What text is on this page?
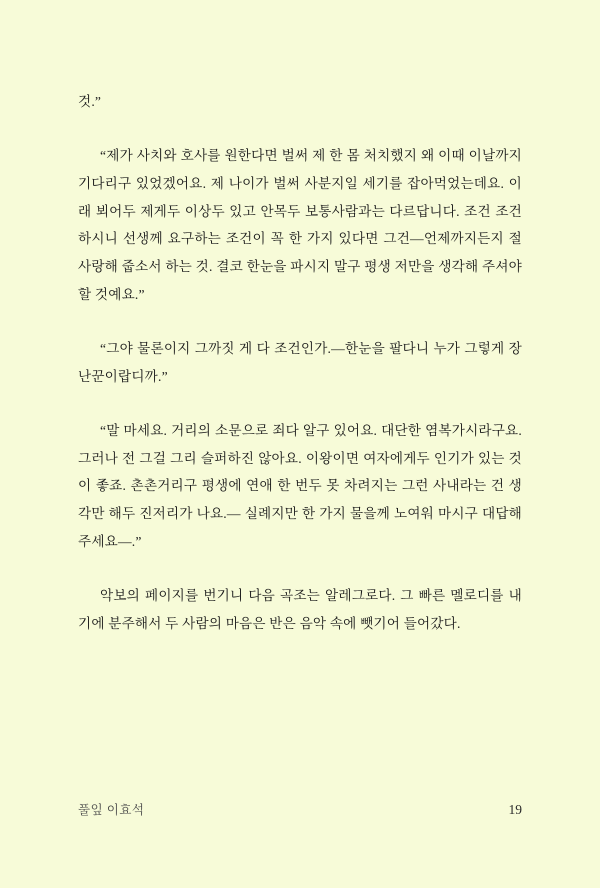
것.”

“제가 사치와 호사를 원한다면 벌써 제 한 몸 처치했지 왜 이때 이날까지 기다리구 있었겠어요. 제 나이가 벌써 사분지일 세기를 잡아먹었는데요. 이래 뵈어두 제게두 이상두 있고 안목두 보통사람과는 다르답니다. 조건 조건하시니 선생께 요구하는 조건이 꼭 한 가지 있다면 그건―언제까지든지 절 사랑해 줍소서 하는 것. 결코 한눈을 파시지 말구 평생 저만을 생각해 주셔야 할 것예요.”

“그야 물론이지 그까짓 게 다 조건인가.―한눈을 팔다니 누가 그렇게 장난꾼이랍디까.”

“말 마세요. 거리의 소문으로 죄다 알구 있어요. 대단한 염복가시라구요. 그러나 전 그걸 그리 슬퍼하진 않아요. 이왕이면 여자에게두 인기가 있는 것이 좋죠. 촌촌거리구 평생에 연애 한 번두 못 차려지는 그런 사내라는 건 생각만 해두 진저리가 나요.― 실례지만 한 가지 물을께 노여워 마시구 대답해 주세요―.”

악보의 페이지를 번기니 다음 곡조는 알레그로다. 그 빠른 멜로디를 내기에 분주해서 두 사람의 마음은 반은 음악 속에 뺏기어 들어갔다.

풀잎 이효석	19
